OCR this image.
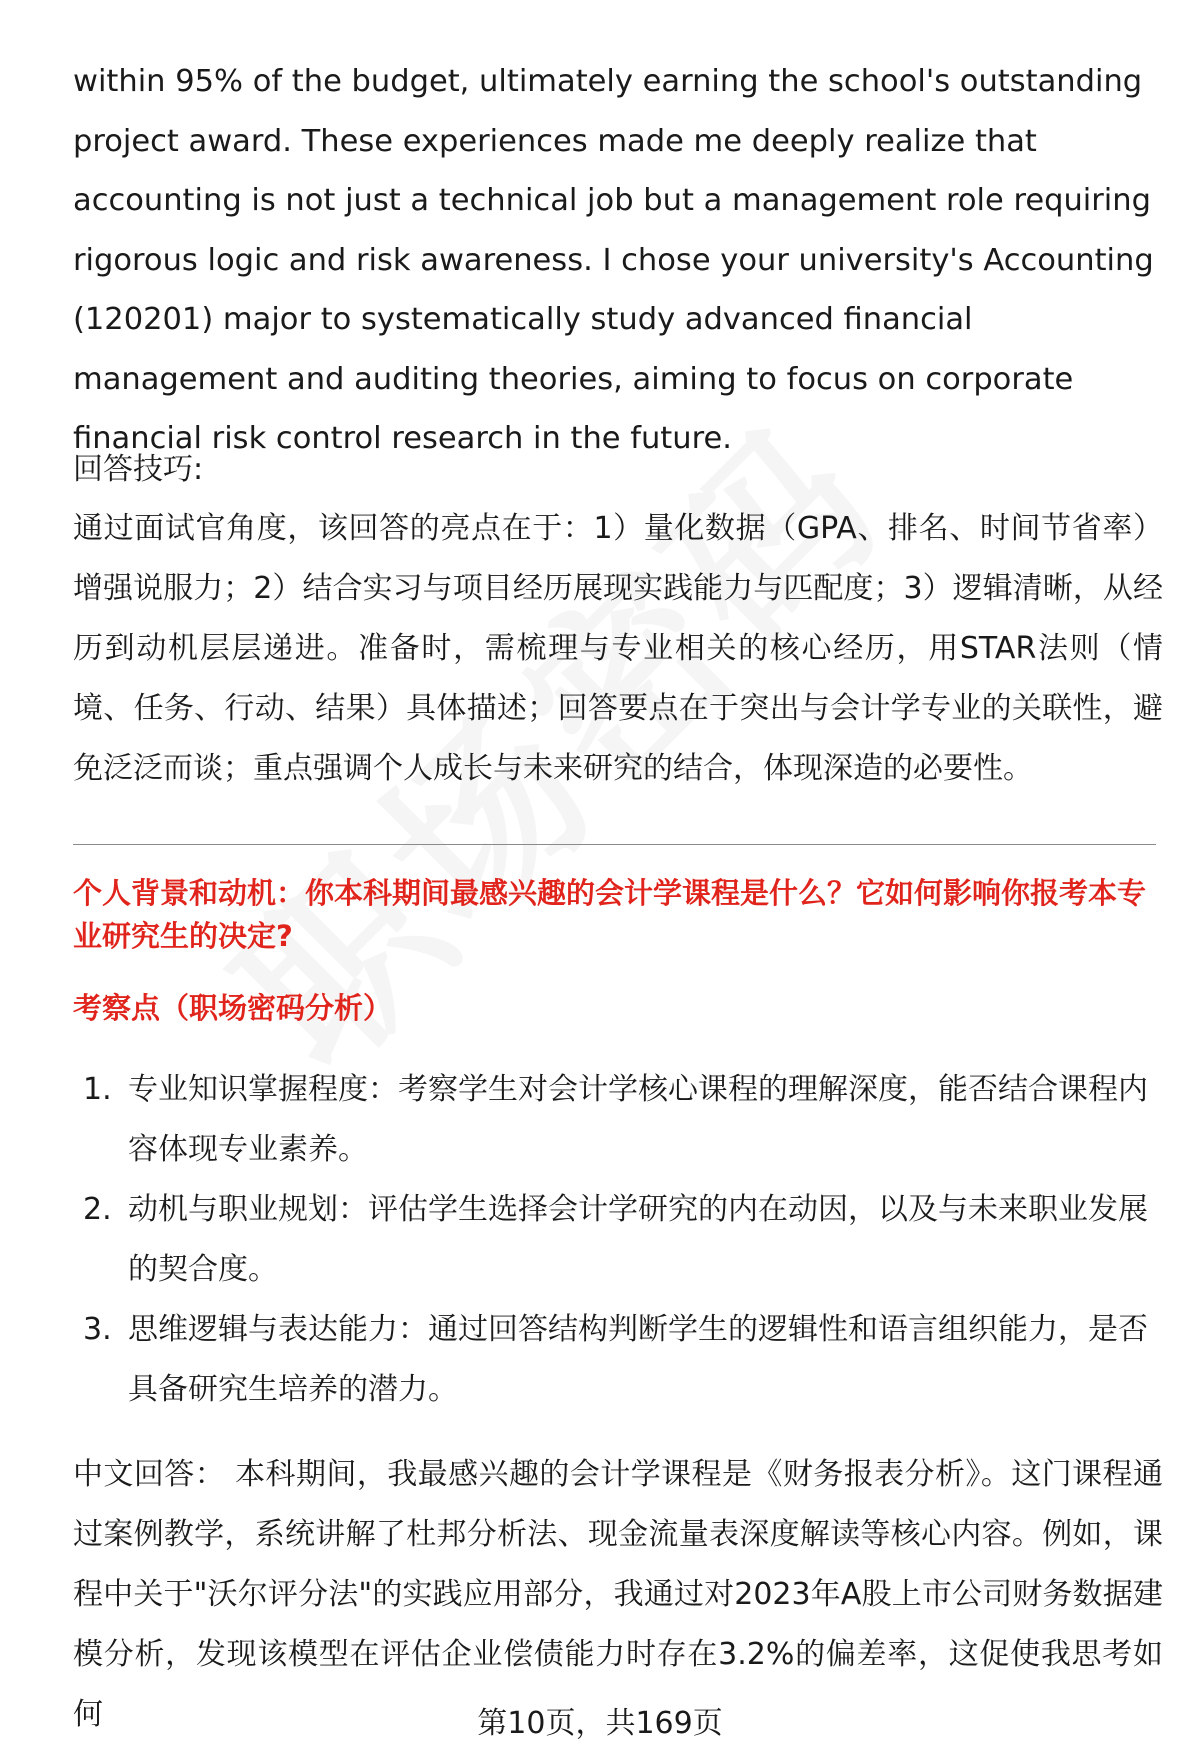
within 95% of the budget, ultimately earning the school's outstanding project award. These experiences made me deeply realize that accounting is not just a technical job but a management role requiring rigorous logic and risk awareness. I chose your university's Accounting (120201) major to systematically study advanced financial management and auditing theories, aiming to focus on corporate financial risk control research in the future.
回答技巧:
通过面试官角度，该回答的亮点在于：1）量化数据（GPA、排名、时间节省率）增强说服力；2）结合实习与项目经历展现实践能力与匹配度；3）逻辑清晰，从经历到动机层层递进。准备时，需梳理与专业相关的核心经历，用STAR法则（情境、任务、行动、结果）具体描述；回答要点在于突出与会计学专业的关联性，避免泛泛而谈；重点强调个人成长与未来研究的结合，体现深造的必要性。
个人背景和动机：你本科期间最感兴趣的会计学课程是什么？它如何影响你报考本专业研究生的决定?
考察点（职场密码分析）
1. 专业知识掌握程度：考察学生对会计学核心课程的理解深度，能否结合课程内容体现专业素养。
2. 动机与职业规划：评估学生选择会计学研究的内在动因，以及与未来职业发展的契合度。
3. 思维逻辑与表达能力：通过回答结构判断学生的逻辑性和语言组织能力，是否具备研究生培养的潜力。
中文回答： 本科期间，我最感兴趣的会计学课程是《财务报表分析》。这门课程通过案例教学，系统讲解了杜邦分析法、现金流量表深度解读等核心内容。例如，课程中关于"沃尔评分法"的实践应用部分，我通过对2023年A股上市公司财务数据建模分析，发现该模型在评估企业偿债能力时存在3.2%的偏差率，这促使我思考如何	第10页，共169页
